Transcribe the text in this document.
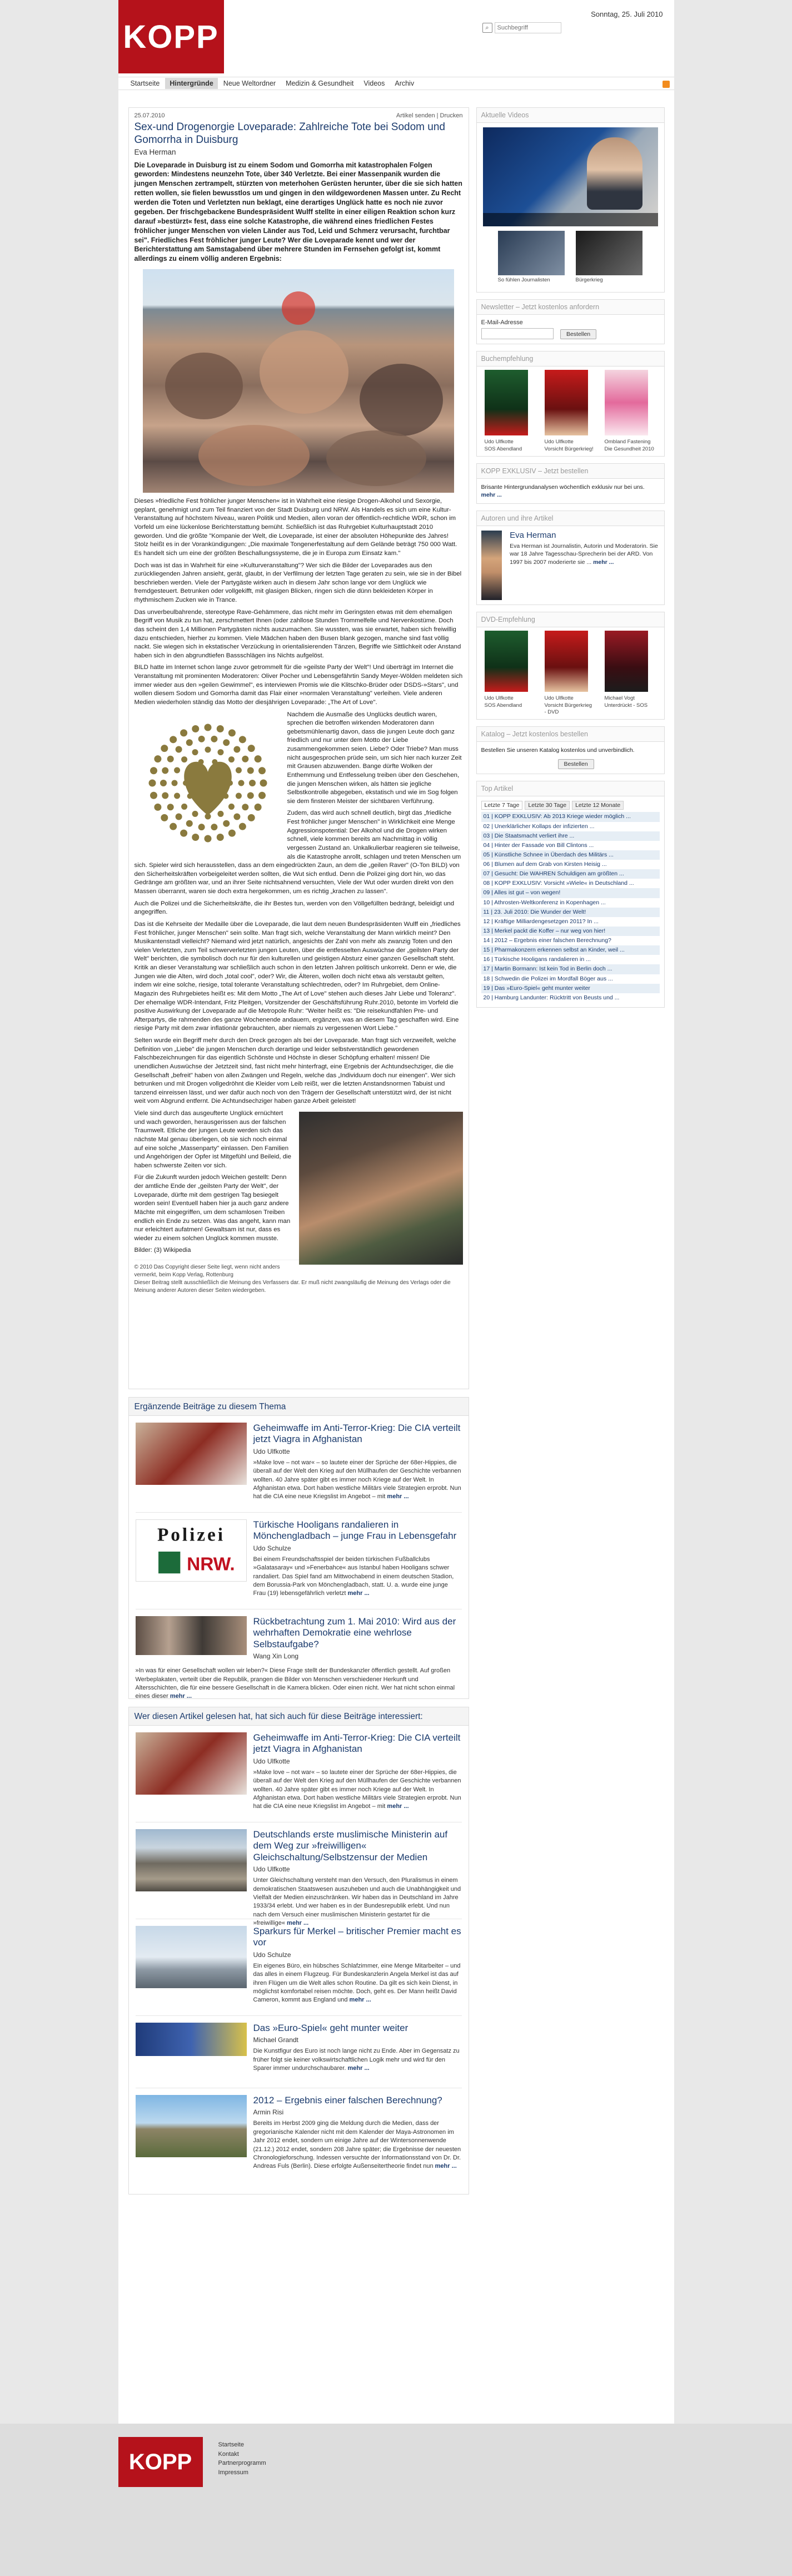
KOPP
Sonntag, 25. Juli 2010
⌕
Suchbegriff
Startseite	Hintergründe	Neue Weltordner	Medizin & Gesundheit	Videos	Archiv
25.07.2010	Artikel senden | Drucken
Sex-und Drogenorgie Loveparade: Zahlreiche Tote bei Sodom und Gomorrha in Duisburg
Eva Herman
Die Loveparade in Duisburg ist zu einem Sodom und Gomorrha mit katastrophalen Folgen geworden: Mindestens neunzehn Tote, über 340 Verletzte. Bei einer Massenpanik wurden die jungen Menschen zertrampelt, stürzten von meterhohen Gerüsten herunter, über die sie sich hatten retten wollen, sie fielen bewusstlos um und gingen in den wildgewordenen Massen unter. Zu Recht werden die Toten und Verletzten nun beklagt, eine derartiges Unglück hatte es noch nie zuvor gegeben. Der frischgebackene Bundespräsident Wulff stellte in einer eiligen Reaktion schon kurz darauf »bestürzt« fest, dass eine solche Katastrophe, die während eines friedlichen Festes fröhlicher junger Menschen von vielen Länder aus Tod, Leid und Schmerz verursacht, furchtbar sei". Friedliches Fest fröhlicher junger Leute? Wer die Loveparade kennt und wer der Berichterstattung am Samstagabend über mehrere Stunden im Fernsehen gefolgt ist, kommt allerdings zu einem völlig anderen Ergebnis:

Dieses »friedliche Fest fröhlicher junger Menschen« ist in Wahrheit eine riesige Drogen-Alkohol und Sexorgie, geplant, genehmigt und zum Teil finanziert von der Stadt Duisburg und NRW. Als Handels es sich um eine Kultur-Veranstaltung auf höchstem Niveau, waren Politik und Medien, allen voran der öffentlich-rechtliche WDR, schon im Vorfeld um eine lückenlose Berichterstattung bemüht. Schließlich ist das Ruhrgebiet Kulturhauptstadt 2010 geworden. Und die größte "Kompanie der Welt, die Loveparade, ist einer der absoluten Höhepunkte des Jahres! Stolz heißt es in der Vorankündigungen: „Die maximale Tongenerfestaltung auf dem Gelände beträgt 750 000 Watt. Es handelt sich um eine der größten Beschallungssysteme, die je in Europa zum Einsatz kam."

Doch was ist das in Wahrheit für eine »Kulturveranstaltung"? Wer sich die Bilder der Loveparades aus den zurückliegenden Jahren ansieht, gerät, glaubt, in der Verfilmung der letzten Tage geraten zu sein, wie sie in der Bibel beschrieben werden. Viele der Partygäste wirken auch in diesem Jahr schon lange vor dem Unglück wie fremdgesteuert. Betrunken oder vollgekifft, mit glasigen Blicken, ringen sich die dünn bekleideten Körper in rhythmischem Zucken wie in Trance.

Das unverbeulbahrende, stereotype Rave-Gehämmere, das nicht mehr im Geringsten etwas mit dem ehemaligen Begriff von Musik zu tun hat, zerschmettert Ihnen (oder zahllose Stunden Trommelfelle und Nervenkostüme. Doch das scheint den 1,4 Millionen Partygästen nichts auszumachen. Sie wussten, was sie erwartet, haben sich freiwillig dazu entschieden, hierher zu kommen. Viele Mädchen haben den Busen blank gezogen, manche sind fast völlig nackt. Sie wiegen sich in ekstatischer Verzückung in orientalisierenden Tänzen, Begriffe wie Sittlichkeit oder Anstand haben sich in den abgrundtiefen Bassschlägen ins Nichts aufgelöst.

BILD hatte im Internet schon lange zuvor getrommelt für die »geilste Party der Welt"! Und überträgt im Internet die Veranstaltung mit prominenten Moderatoren: Oliver Pocher und Lebensgefährtin Sandy Meyer-Wölden meldeten sich immer wieder aus den »geilen Gewimmel", es interviewen Promis wie die Klitschko-Brüder oder DSDS-»Stars", und wollen diesem Sodom und Gomorrha damit das Flair einer »normalen Veranstaltung" verleihen. Viele anderen Medien wiederholen ständig das Motto der diesjährigen Loveparade: „The Art of Love".

Nachdem die Ausmaße des Unglücks deutlich waren, sprechen die betroffen wirkenden Moderatoren dann gebetsmühlenartig davon, dass die jungen Leute doch ganz friedlich und nur unter dem Motto der Liebe zusammengekommen seien. Liebe? Oder Triebe? Man muss nicht ausgesprochen prüde sein, um sich hier nach kurzer Zeit mit Grausen abzuwenden. Bange dürfte Wolken der Enthemmung und Entfesselung treiben über den Geschehen, die jungen Menschen wirken, als hätten sie jegliche Selbstkontrolle abgegeben, ekstatisch und wie im Sog folgen sie dem finsteren Meister der sichtbaren Verführung.

Zudem, das wird auch schnell deutlich, birgt das „friedliche Fest fröhlicher junger Menschen" in Wirklichkeit eine Menge Aggressionspotential: Der Alkohol und die Drogen wirken schnell, viele kommen bereits am Nachmittag in völlig vergessen Zustand an. Unkalkulierbar reagieren sie teilweise, als die Katastrophe anrollt, schlagen und treten Menschen um sich. Spieler wird sich herausstellen, dass an dem eingedrückten Zaun, an dem die „geilen Raver" (O-Ton BILD) von den Sicherheitskräften vorbeigeleitet werden sollten, die Wut sich entlud. Denn die Polizei ging dort hin, wo das Gedränge am größten war, und an ihrer Seite nichtsahnend versuchten, Viele der Wut oder wurden direkt von den Massen überrannt, waren sie doch extra hergekommen, um es richtig „krachen zu lassen".

Auch die Polizei und die Sicherheitskräfte, die ihr Bestes tun, werden von den Völlgefüllten bedrängt, beleidigt und angegriffen.

Das ist die Kehrseite der Medaille über die Loveparade, die laut dem neuen Bundespräsidenten Wulff ein „friedliches Fest fröhlicher, junger Menschen" sein sollte. Man fragt sich, welche Veranstaltung der Mann wirklich meint? Den Musikantenstadl vielleicht? Niemand wird jetzt natürlich, angesichts der Zahl von mehr als zwanzig Toten und den vielen Verletzten, zum Teil schwerverletzten jungen Leuten, über die entfesselten Auswüchse der „geilsten Party der Welt" berichten, die symbolisch doch nur für den kulturellen und geistigen Absturz einer ganzen Gesellschaft steht. Kritik an dieser Veranstaltung war schließlich auch schon in den letzten Jahren politisch unkorrekt. Denn er wie, die Jungen wie die Alten, wird doch „total cool", oder? Wir, die Älteren, wollen doch nicht etwa als verstaubt gelten, indem wir eine solche, riesige, total tolerante Veranstaltung schlechtreden, oder? Im Ruhrgebiet, dem Online-Magazin des Ruhrgebietes heißt es: Mit dem Motto „The Art of Love" stehen auch dieses Jahr Liebe und Toleranz". Der ehemalige WDR-Intendant, Fritz Pleitgen, Vorsitzender der Geschäftsführung Ruhr.2010, betonte im Vorfeld die positive Auswirkung der Loveparade auf die Metropole Ruhr: "Weiter heißt es: "Die reisekundfahlen Pre- und Afterpartys, die rahmenden des ganze Wochenende andauern, ergänzen, was an diesem Tag geschaffen wird. Eine riesige Party mit dem zwar inflationär gebrauchten, aber niemals zu vergessenen Wort Liebe."

Selten wurde ein Begriff mehr durch den Dreck gezogen als bei der Loveparade. Man fragt sich verzweifelt, welche Definition von „Liebe" die jungen Menschen durch derartige und leider selbstverständlich gewordenen Falschbezeichnungen für das eigentlich Schönste und Höchste in dieser Schöpfung erhalten! missen! Die unendlichen Auswüchse der Jetztzeit sind, fast nicht mehr hinterfragt, eine Ergebnis der Achtundsechziger, die die Gesellschaft „befreit" haben von allen Zwängen und Regeln, welche das „Individuum doch nur einengen". Wer sich betrunken und mit Drogen vollgedröhnt die Kleider vom Leib reißt, wer die letzten Anstandsnormen Tabuist und tanzend einreissen lässt, und wer dafür auch noch von den Trägern der Gesellschaft unterstützt wird, der ist nicht weit vom Abgrund entfernt. Die Achtundsechziger haben ganze Arbeit geleistet!

Viele sind durch das ausgeufterte Unglück ernüchtert und wach geworden, herausgerissen aus der falschen Traumwelt. Etliche der jungen Leute werden sich das nächste Mal genau überlegen, ob sie sich noch einmal auf eine solche „Massenparty" einlassen. Den Familien und Angehörigen der Opfer ist Mitgefühl und Beileid, die haben schwerste Zeiten vor sich.

Für die Zukunft wurden jedoch Weichen gestellt: Denn der amtliche Ende der „geilsten Party der Welt", der Loveparade, dürfte mit dem gestrigen Tag besiegelt worden sein! Eventuell haben hier ja auch ganz andere Mächte mit eingegriffen, um dem schamlosen Treiben endlich ein Ende zu setzen. Was das angeht, kann man nur erleichtert aufatmen! Gewaltsam ist nur, dass es wieder zu einem solchen Unglück kommen musste.

Bilder: (3) Wikipedia

© 2010 Das Copyright dieser Seite liegt, wenn nicht anders vermerkt, beim Kopp Verlag, Rottenburg
Dieser Beitrag stellt ausschließlich die Meinung des Verfassers dar. Er muß nicht zwangsläufig die Meinung des Verlags oder die Meinung anderer Autoren dieser Seiten wiedergeben.
Ergänzende Beiträge zu diesem Thema
Geheimwaffe im Anti-Terror-Krieg: Die CIA verteilt jetzt Viagra in Afghanistan
Udo Ulfkotte
»Make love – not war« – so lautete einer der Sprüche der 68er-Hippies, die überall auf der Welt den Krieg auf den Müllhaufen der Geschichte verbannen wollten. 40 Jahre später gibt es immer noch Kriege auf der Welt. In Afghanistan etwa. Dort haben westliche Militärs viele Strategien erprobt. Nun hat die CIA eine neue Kriegslist im Angebot – mit mehr ...
Polizei
NRW.
Türkische Hooligans randalieren in Mönchengladbach – junge Frau in Lebensgefahr
Udo Schulze
Bei einem Freundschaftsspiel der beiden türkischen Fußballclubs »Galatasaray« und »Fenerbahce« aus Istanbul haben Hooligans schwer randaliert. Das Spiel fand am Mittwochabend in einem deutschen Stadion, dem Borussia-Park von Mönchengladbach, statt. U. a. wurde eine junge Frau (19) lebensgefährlich verletzt mehr ...
Rückbetrachtung zum 1. Mai 2010: Wird aus der wehrhaften Demokratie eine wehrlose Selbstaufgabe?
Wang Xin Long
»In was für einer Gesellschaft wollen wir leben?« Diese Frage stellt der Bundeskanzler öffentlich gestellt. Auf großen Werbeplakaten, verteilt über die Republik, prangen die Bilder von Menschen verschiedener Herkunft und Altersschichten, die für eine bessere Gesellschaft in die Kamera blicken. Oder einen nicht. Wer hat nicht schon einmal eines dieser mehr ...
Wer diesen Artikel gelesen hat, hat sich auch für diese Beiträge interessiert:
Geheimwaffe im Anti-Terror-Krieg: Die CIA verteilt jetzt Viagra in Afghanistan
Udo Ulfkotte
»Make love – not war« – so lautete einer der Sprüche der 68er-Hippies, die überall auf der Welt den Krieg auf den Müllhaufen der Geschichte verbannen wollten. 40 Jahre später gibt es immer noch Kriege auf der Welt. In Afghanistan etwa. Dort haben westliche Militärs viele Strategien erprobt. Nun hat die CIA eine neue Kriegslist im Angebot – mit mehr ...
Deutschlands erste muslimische Ministerin auf dem Weg zur »freiwilligen« Gleichschaltung/Selbstzensur der Medien
Udo Ulfkotte
Unter Gleichschaltung versteht man den Versuch, den Pluralismus in einem demokratischen Staatswesen auszuheben und auch die Unabhängigkeit und Vielfalt der Medien einzuschränken. Wir haben das in Deutschland im Jahre 1933/34 erlebt. Und wer haben es in der Bundesrepublik erlebt. Und nun nach dem Versuch einer muslimischen Ministerin gestartet für die »freiwillige« mehr ...
Sparkurs für Merkel – britischer Premier macht es vor
Udo Schulze
Ein eigenes Büro, ein hübsches Schlafzimmer, eine Menge Mitarbeiter – und das alles in einem Flugzeug. Für Bundeskanzlerin Angela Merkel ist das auf ihren Flügen um die Welt alles schon Routine. Da gilt es sich kein Dienst, in möglichst komfortabel reisen möchte. Doch, geht es. Der Mann heißt David Cameron, kommt aus England und mehr ...
Das »Euro-Spiel« geht munter weiter
Michael Grandt
Die Kunstfigur des Euro ist noch lange nicht zu Ende. Aber im Gegensatz zu früher folgt sie keiner volkswirtschaftlichen Logik mehr und wird für den Sparer immer undurchschaubarer. mehr ...
2012 – Ergebnis einer falschen Berechnung?
Armin Risi
Bereits im Herbst 2009 ging die Meldung durch die Medien, dass der gregorianische Kalender nicht mit dem Kalender der Maya-Astronomen im Jahr 2012 endet, sondern um einige Jahre auf der Wintersonnenwende (21.12.) 2012 endet, sondern 208 Jahre später; die Ergebnisse der neuesten Chronologieforschung. Indessen versuchte der Informationsstand von Dr. Dr. Andreas Fuls (Berlin). Diese erfolgte Außenseitertheorie findet nun mehr ...
Aktuelle Videos
So fühlen Journalisten	Bürgerkrieg
Newsletter – Jetzt kostenlos anfordern
E-Mail-Adresse
Bestellen
Buchempfehlung
Udo Ulfkotte
SOS Abendland
Udo Ulfkotte
Vorsicht Bürgerkrieg!
Ombland Fastening Die Gesundheit 2010
KOPP EXKLUSIV – Jetzt bestellen
Brisante Hintergrundanalysen wöchentlich exklusiv nur bei uns. mehr ...
Autoren und ihre Artikel
Eva Herman

Eva Herman ist Journalistin, Autorin und Moderatorin. Sie war 18 Jahre Tagesschau-Sprecherin bei der ARD. Von 1997 bis 2007 moderierte sie ... mehr ...

DVD-Empfehlung
Udo Ulfkotte
SOS Abendland
Udo Ulfkotte
Vorsicht Bürgerkrieg - DVD
Michael Vogt
Unterdrückt - SOS
Katalog – Jetzt kostenlos bestellen
Bestellen Sie unseren Katalog kostenlos und unverbindlich.
Bestellen
Top Artikel
Letzte 7 Tage	Letzte 30 Tage	Letzte 12 Monate
01 | KOPP EXKLUSIV: Ab 2013 Kriege wieder möglich ...
02 | Unerklärlicher Kollaps der infizierten ...
03 | Die Staatsmacht verliert ihre ...
04 | Hinter der Fassade von Bill Clintons ...
05 | Künstliche Schnee in Überdach des Militärs ...
06 | Blumen auf dem Grab von Kirsten Heisig ...
07 | Gesucht: Die WAHREN Schuldigen am größten ...
08 | KOPP EXKLUSIV: Vorsicht »Wiele« in Deutschland ...
09 | Alles ist gut – von wegen!
10 | Athrosten-Weltkonferenz in Kopenhagen ...
11 | 23. Juli 2010: Die Wunder der Welt!
12 | Kräftige Milliardengesetzgen 2011? In ...
13 | Merkel packt die Koffer – nur weg von hier!
14 | 2012 – Ergebnis einer falschen Berechnung?
15 | Pharmakonzern erkennen selbst an Kinder, weil ...
16 | Türkische Hooligans randalieren in ...
17 | Martin Bormann: Ist kein Tod in Berlin doch ...
18 | Schwedin die Polizei im Mordfall Böger aus ...
19 | Das »Euro-Spiel« geht munter weiter
20 | Hamburg Landunter: Rücktritt von Beusts und ...
KOPP
Startseite
Kontakt
Partnerprogramm
Impressum
